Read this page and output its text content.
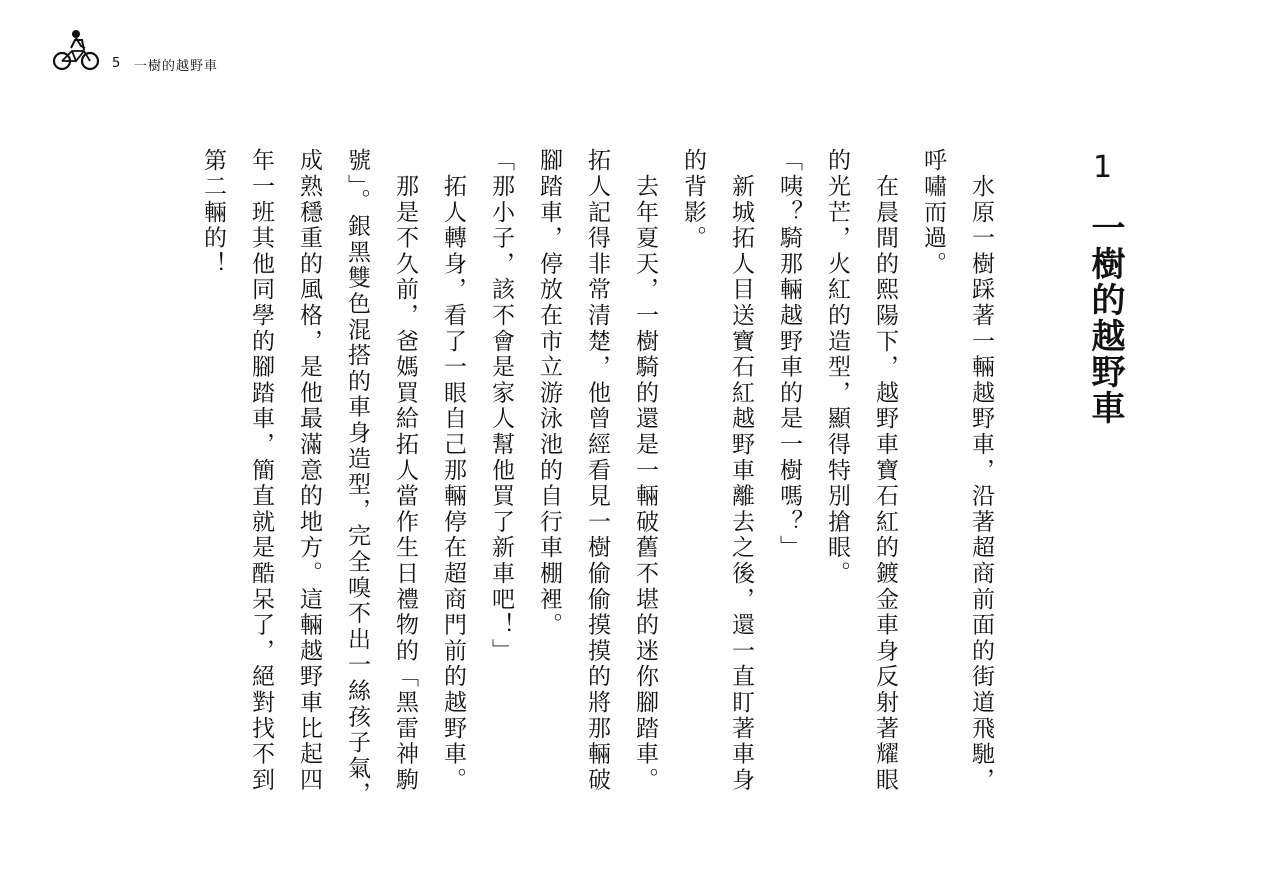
5 一樹的越野車
1
一樹的越野車

　水原一樹踩著一輛越野車，沿著超商前面的街道飛馳，呼嘯而過。

　在晨間的熙陽下，越野車寶石紅的鍍金車身反射著耀眼的光芒，火紅的造型，顯得特別搶眼。

「咦？騎那輛越野車的是一樹嗎？」

　新城拓人目送寶石紅越野車離去之後，還一直盯著車身的背影。

　去年夏天，一樹騎的還是一輛破舊不堪的迷你腳踏車。拓人記得非常清楚，他曾經看見一樹偷偷摸摸的將那輛破腳踏車，停放在市立游泳池的自行車棚裡。

「那小子，該不會是家人幫他買了新車吧！」

　拓人轉身，看了一眼自己那輛停在超商門前的越野車。

　那是不久前，爸媽買給拓人當作生日禮物的「黑雷神駒號」。銀黑雙色混搭的車身造型，完全嗅不出一絲孩子氣，成熟穩重的風格，是他最滿意的地方。這輛越野車比起四年一班其他同學的腳踏車，簡直就是酷呆了，絕對找不到第二輛的！
